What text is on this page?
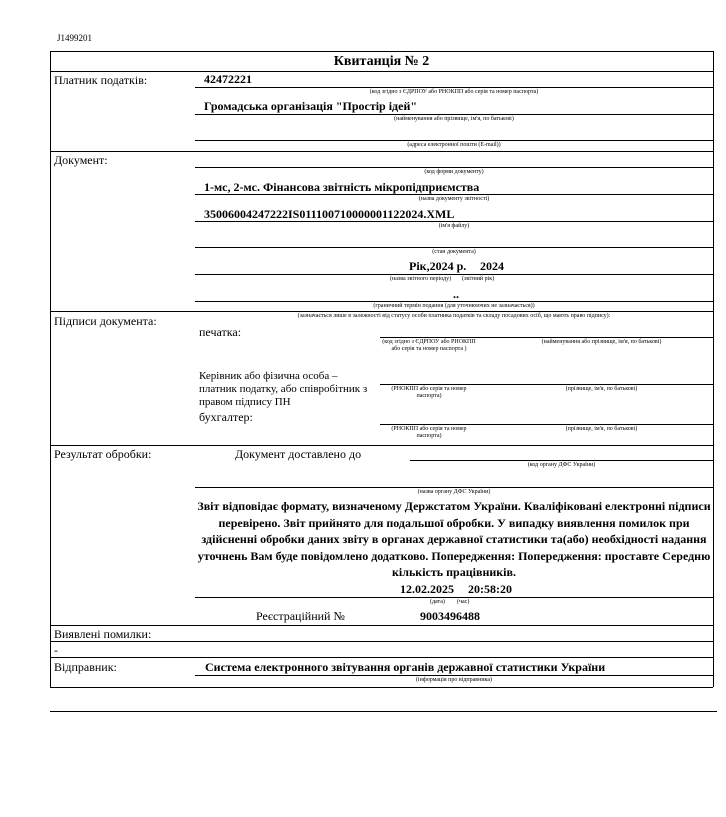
J1499201
Квитанція № 2
Платник податків:	42472221
(код згідно з ЄДРПОУ або РНОКПП або серія та номер паспорта)
Громадська організація "Простір ідей"
(найменування або прізвище, ім'я, по батькові)
(адреса електронної пошти (E-mail))
Документ:
(код форми документу)
1-мс, 2-мс. Фінансова звітність мікропідприємства
(назва документу звітності)
35006004247222IS011100710000001122024.XML
(ім'я файлу)
(стан документа)
Рік,2024 р. 2024
(назва звітного періоду) (звітний рік)
..
(граничний термін подання (для уточнюючих не зазначається))
Підписи документа:	(зазначається лише в залежності від статусу особи платника податків та складу посадових осіб, що мають право підпису):
печатка:
(код згідно з ЄДРПОУ або РНОКПП або серія та номер паспорта )
(найменування або прізвище, ім'я, по батькові)
Керівник або фізична особа – платник податку, або співробітник з правом підпису ПН
(РНОКПП або серія та номер паспорта)
(прізвище, ім'я, по батькові)
бухгалтер:
(РНОКПП або серія та номер паспорта)
(прізвище, ім'я, по батькові)
Результат обробки:	Документ доставлено до
(код органу ДФС України)
(назва органу ДФС України)
Звіт відповідає формату, визначеному Держстатом України. Кваліфіковані електронні підписи перевірено. Звіт прийнято для подальшої обробки. У випадку виявлення помилок при здійсненні обробки даних звіту в органах державної статистики та(або) необхідності надання уточнень Вам буде повідомлено додатково. Попередження: Попередження: проставте Середню кількість працівників.
12.02.2025 20:58:20
(дата) (час)
Реєстраційний №	9003496488
Виявлені помилки:
-
Відправник:	Система електронного звітування органів державної статистики України
(інформація про відправника)
